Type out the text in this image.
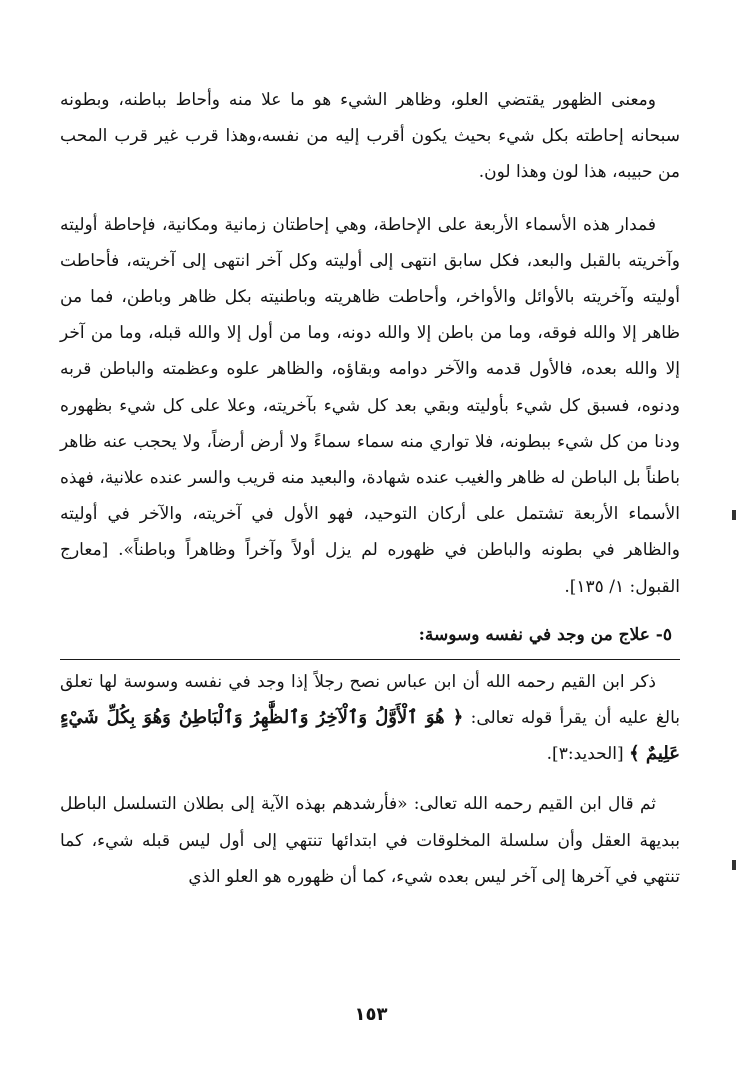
ومعنى الظهور يقتضي العلو، وظاهر الشيء هو ما علا منه وأحاط بباطنه، وبطونه سبحانه إحاطته بكل شيء بحيث يكون أقرب إليه من نفسه،وهذا قرب غير قرب المحب من حبيبه، هذا لون وهذا لون.

فمدار هذه الأسماء الأربعة على الإحاطة، وهي إحاطتان زمانية ومكانية، فإحاطة أوليته وآخريته بالقبل والبعد، فكل سابق انتهى إلى أوليته وكل آخر انتهى إلى آخريته، فأحاطت أوليته وآخريته بالأوائل والأواخر، وأحاطت ظاهريته وباطنيته بكل ظاهر وباطن، فما من ظاهر إلا والله فوقه، وما من باطن إلا والله دونه، وما من أول إلا والله قبله، وما من آخر إلا والله بعده، فالأول قدمه والآخر دوامه وبقاؤه، والظاهر علوه وعظمته والباطن قربه ودنوه، فسبق كل شيء بأوليته وبقي بعد كل شيء بآخريته، وعلا على كل شيء بظهوره ودنا من كل شيء ببطونه، فلا تواري منه سماء سماءً ولا أرض أرضاً، ولا يحجب عنه ظاهر باطناً بل الباطن له ظاهر والغيب عنده شهادة، والبعيد منه قريب والسر عنده علانية، فهذه الأسماء الأربعة تشتمل على أركان التوحيد، فهو الأول في آخريته، والآخر في أوليته والظاهر في بطونه والباطن في ظهوره لم يزل أولاً وآخراً وظاهراً وباطناً». [معارج القبول: ١/ ١٣٥].

٥- علاج من وجد في نفسه وسوسة:

ذكر ابن القيم رحمه الله أن ابن عباس نصح رجلاً إذا وجد في نفسه وسوسة لها تعلق بالغ عليه أن يقرأ قوله تعالى: ﴿ هُوَ ٱلْأَوَّلُ وَٱلْآخِرُ وَٱلظَّٰهِرُ وَٱلْبَاطِنُ وَهُوَ بِكُلِّ شَيْءٍ عَلِيمٌ ﴾ [الحديد:٣].

ثم قال ابن القيم رحمه الله تعالى: «فأرشدهم بهذه الآية إلى بطلان التسلسل الباطل ببديهة العقل وأن سلسلة المخلوقات في ابتدائها تنتهي إلى أول ليس قبله شيء، كما تنتهي في آخرها إلى آخر ليس بعده شيء، كما أن ظهوره هو العلو الذي

١٥٣
